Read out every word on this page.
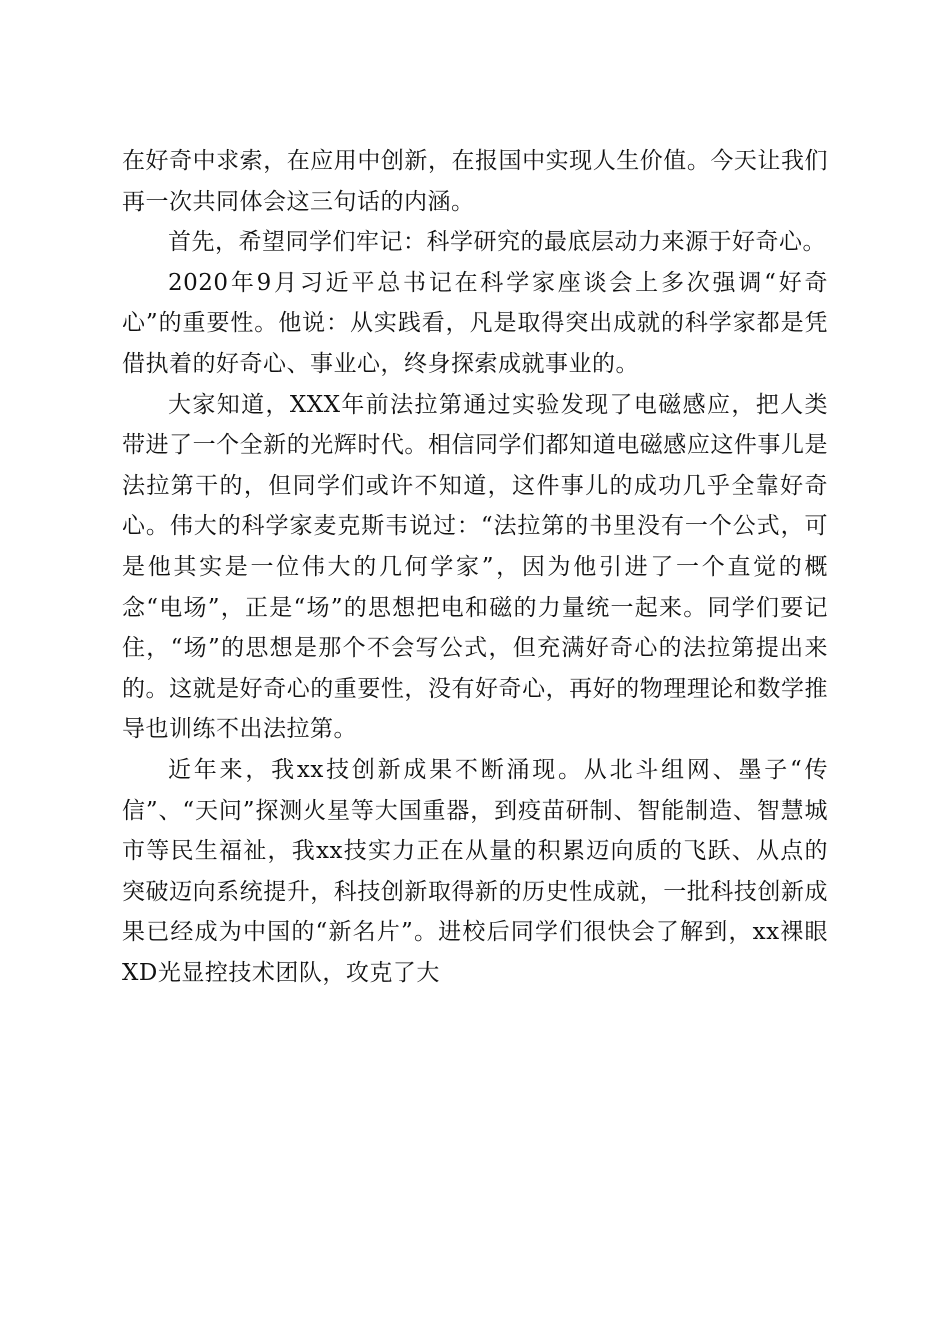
在好奇中求索，在应用中创新，在报国中实现人生价值。今天让我们再一次共同体会这三句话的内涵。

首先，希望同学们牢记：科学研究的最底层动力来源于好奇心。

2020年9月习近平总书记在科学家座谈会上多次强调“好奇心”的重要性。他说：从实践看，凡是取得突出成就的科学家都是凭借执着的好奇心、事业心，终身探索成就事业的。

大家知道，XXX年前法拉第通过实验发现了电磁感应，把人类带进了一个全新的光辉时代。相信同学们都知道电磁感应这件事儿是法拉第干的，但同学们或许不知道，这件事儿的成功几乎全靠好奇心。伟大的科学家麦克斯韦说过：“法拉第的书里没有一个公式，可是他其实是一位伟大的几何学家”，因为他引进了一个直觉的概念“电场”，正是“场”的思想把电和磁的力量统一起来。同学们要记住，“场”的思想是那个不会写公式，但充满好奇心的法拉第提出来的。这就是好奇心的重要性，没有好奇心，再好的物理理论和数学推导也训练不出法拉第。

近年来，我xx技创新成果不断涌现。从北斗组网、墨子“传信”、“天问”探测火星等大国重器，到疫苗研制、智能制造、智慧城市等民生福祉，我xx技实力正在从量的积累迈向质的飞跃、从点的突破迈向系统提升，科技创新取得新的历史性成就，一批科技创新成果已经成为中国的“新名片”。进校后同学们很快会了解到，xx裸眼XD光显控技术团队，攻克了大
